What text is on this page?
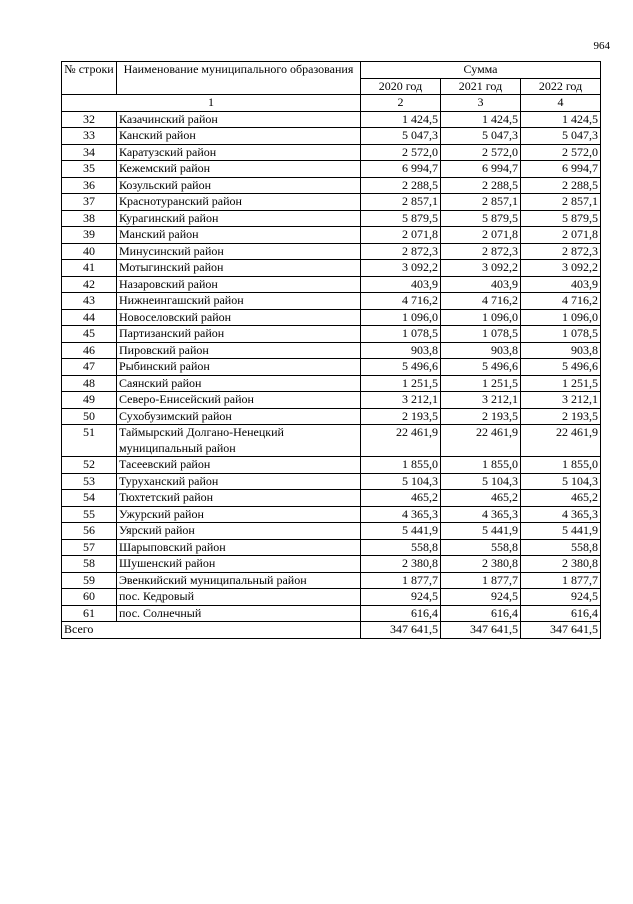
964
№ строки	Наименование муниципального образования	Сумма		
		2020 год	2021 год	2022 год
1		2	3	4
32	Казачинский район	1 424,5	1 424,5	1 424,5
33	Канский район	5 047,3	5 047,3	5 047,3
34	Каратузский район	2 572,0	2 572,0	2 572,0
35	Кежемский район	6 994,7	6 994,7	6 994,7
36	Козульский район	2 288,5	2 288,5	2 288,5
37	Краснотуранский район	2 857,1	2 857,1	2 857,1
38	Курагинский район	5 879,5	5 879,5	5 879,5
39	Манский район	2 071,8	2 071,8	2 071,8
40	Минусинский район	2 872,3	2 872,3	2 872,3
41	Мотыгинский район	3 092,2	3 092,2	3 092,2
42	Назаровский район	403,9	403,9	403,9
43	Нижнеингашский район	4 716,2	4 716,2	4 716,2
44	Новоселовский район	1 096,0	1 096,0	1 096,0
45	Партизанский район	1 078,5	1 078,5	1 078,5
46	Пировский район	903,8	903,8	903,8
47	Рыбинский район	5 496,6	5 496,6	5 496,6
48	Саянский район	1 251,5	1 251,5	1 251,5
49	Северо-Енисейский район	3 212,1	3 212,1	3 212,1
50	Сухобузимский район	2 193,5	2 193,5	2 193,5
51	Таймырский Долгано-Ненецкий муниципальный район	22 461,9	22 461,9	22 461,9
52	Тасеевский район	1 855,0	1 855,0	1 855,0
53	Туруханский район	5 104,3	5 104,3	5 104,3
54	Тюхтетский район	465,2	465,2	465,2
55	Ужурский район	4 365,3	4 365,3	4 365,3
56	Уярский район	5 441,9	5 441,9	5 441,9
57	Шарыповский район	558,8	558,8	558,8
58	Шушенский район	2 380,8	2 380,8	2 380,8
59	Эвенкийский муниципальный район	1 877,7	1 877,7	1 877,7
60	пос. Кедровый	924,5	924,5	924,5
61	пос. Солнечный	616,4	616,4	616,4
Всего		347 641,5	347 641,5	347 641,5
